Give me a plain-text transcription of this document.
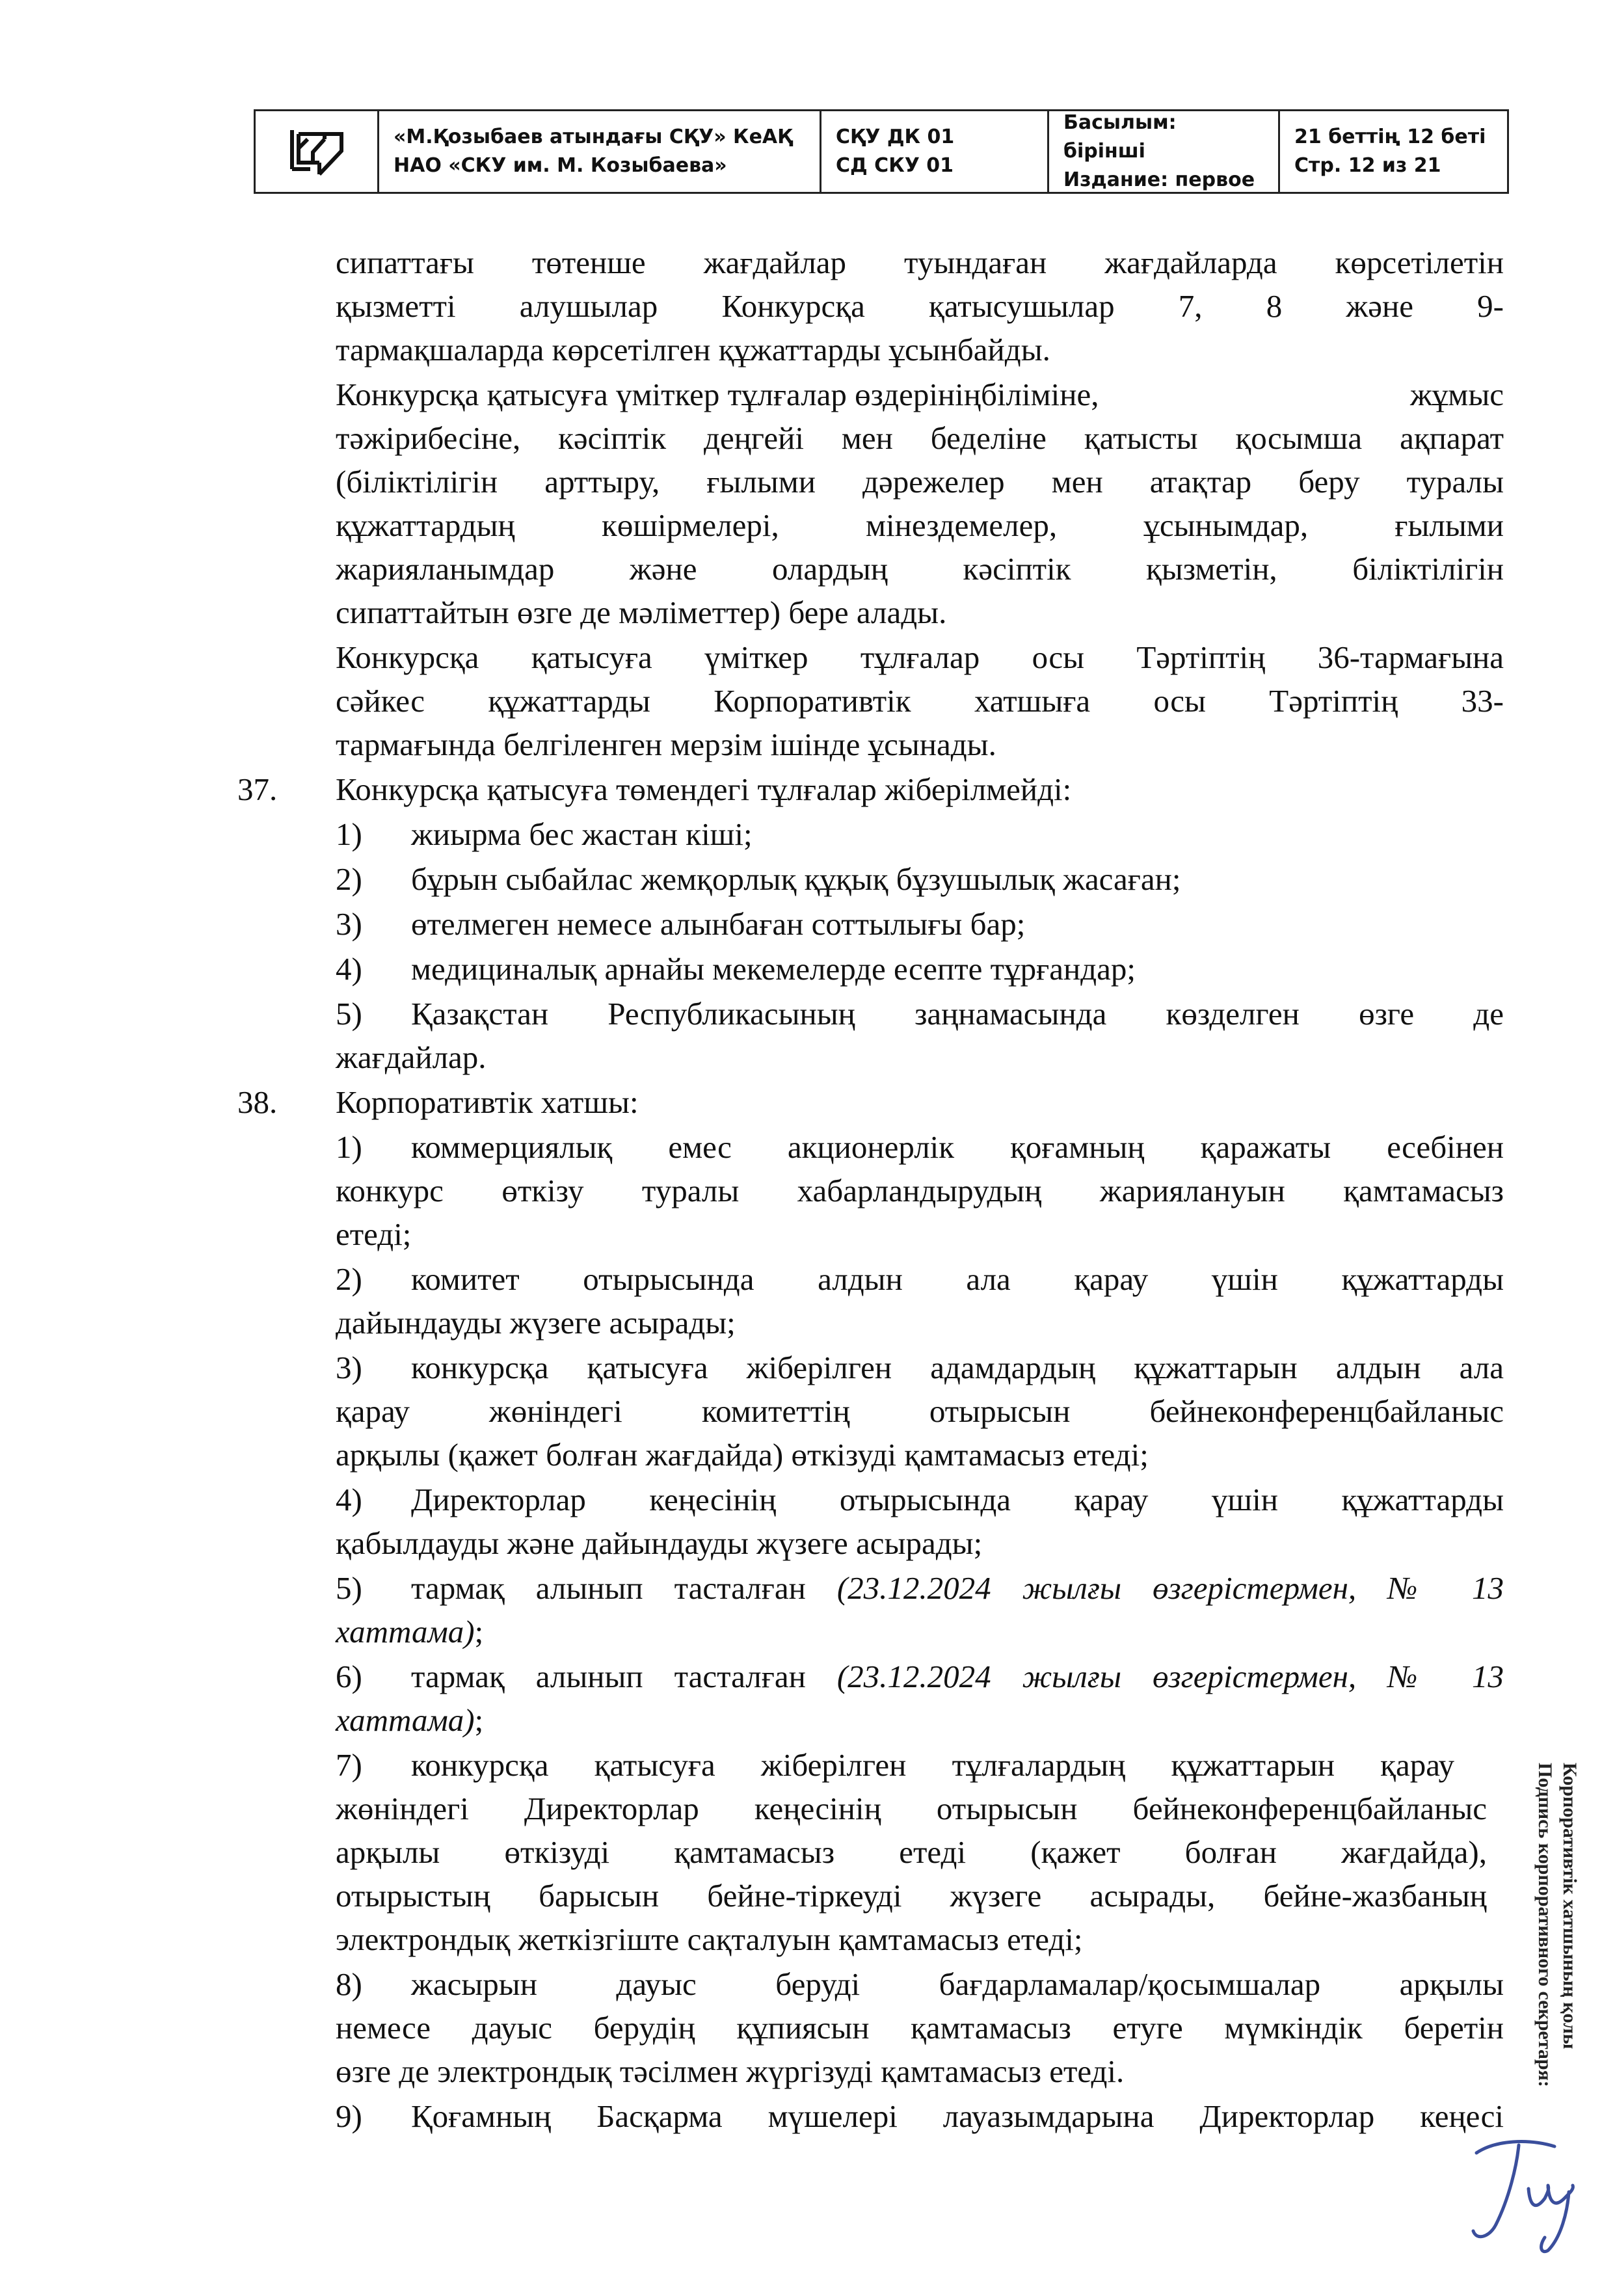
«М.Қозыбаев атындағы СҚУ» КеАҚ
НАО «СКУ им. М. Козыбаева»
СҚУ ДК 01
СД СКУ 01
Басылым: бірінші
Издание: первое
21 беттің 12 беті
Стр. 12 из 21
сипаттағы төтенше жағдайлар туындаған жағдайларда көрсетілетін
қызметті алушылар Конкурсқа қатысушылар 7, 8 және 9-
тармақшаларда көрсетілген құжаттарды ұсынбайды.
Конкурсқа қатысуға үміткер тұлғалар өздерініңбіліміне,	жұмыс
тәжірибесіне, кәсіптік деңгейі мен беделіне қатысты қосымша ақпарат
(біліктілігін арттыру, ғылыми дәрежелер мен атақтар беру туралы
құжаттардың көшірмелері, мінездемелер, ұсынымдар, ғылыми
жарияланымдар және олардың кәсіптік қызметін, біліктілігін
сипаттайтын өзге де мәліметтер) бере алады.
Конкурсқа қатысуға үміткер тұлғалар осы Тәртіптің 36-тармағына
сәйкес құжаттарды Корпоративтік хатшыға осы Тәртіптің 33-
тармағында белгіленген мерзім ішінде ұсынады.
37. Конкурсқа қатысуға төмендегі тұлғалар жіберілмейді:
1) жиырма бес жастан кіші;
2) бұрын сыбайлас жемқорлық құқық бұзушылық жасаған;
3) өтелмеген немесе алынбаған соттылығы бар;
4) медициналық арнайы мекемелерде есепте тұрғандар;
5) Қазақстан Республикасының заңнамасында көзделген өзге де
жағдайлар.
38. Корпоративтік хатшы:
1) коммерциялық емес акционерлік қоғамның қаражаты есебінен
конкурс өткізу туралы хабарландырудың жариялануын қамтамасыз
етеді;
2) комитет отырысында алдын ала қарау үшін құжаттарды
дайындауды жүзеге асырады;
3) конкурсқа қатысуға жіберілген адамдардың құжаттарын алдын ала
қарау жөніндегі комитеттің отырысын бейнеконференцбайланыс
арқылы (қажет болған жағдайда) өткізуді қамтамасыз етеді;
4) Директорлар кеңесінің отырысында қарау үшін құжаттарды
қабылдауды және дайындауды жүзеге асырады;
5) тармақ алынып тасталған (23.12.2024 жылғы өзгерістермен, № 13
хаттама);
6) тармақ алынып тасталған (23.12.2024 жылғы өзгерістермен, № 13
хаттама);
7) конкурсқа қатысуға жіберілген тұлғалардың құжаттарын қарау
жөніндегі Директорлар кеңесінің отырысын бейнеконференцбайланыс
арқылы өткізуді қамтамасыз етеді (қажет болған жағдайда),
отырыстың барысын бейне-тіркеуді жүзеге асырады, бейне-жазбаның
электрондық жеткізгіште сақталуын қамтамасыз етеді;
8) жасырын дауыс беруді бағдарламалар/қосымшалар арқылы
немесе дауыс берудің құпиясын қамтамасыз етуге мүмкіндік беретін
өзге де электрондық тәсілмен жүргізуді қамтамасыз етеді.
9) Қоғамның Басқарма мүшелері лауазымдарына Директорлар кеңесі
Корпоративтік хатшының қолы
Подпись корпоративного секретаря:
